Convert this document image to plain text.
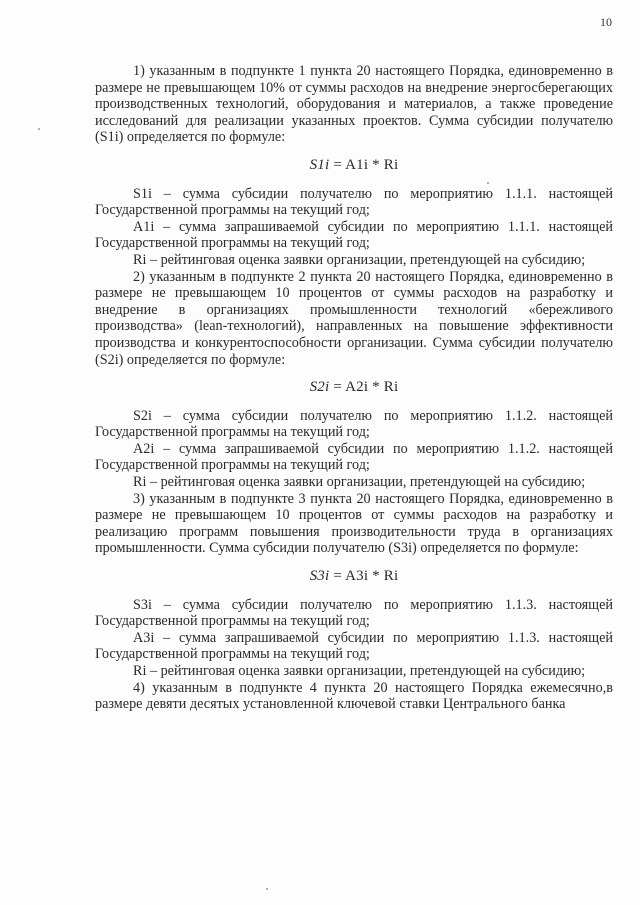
10

1) указанным в подпункте 1 пункта 20 настоящего Порядка, единовременно в размере не превышающем 10% от суммы расходов на внедрение энергосберегающих производственных технологий, оборудования и материалов, а также проведение исследований для реализации указанных проектов. Сумма субсидии получателю (S1i) определяется по формуле:

S1i = A1i * Ri

S1i – сумма субсидии получателю по мероприятию 1.1.1. настоящей Государственной программы на текущий год;

A1i – сумма запрашиваемой субсидии по мероприятию 1.1.1. настоящей Государственной программы на текущий год;

Ri – рейтинговая оценка заявки организации, претендующей на субсидию;

2) указанным в подпункте 2 пункта 20 настоящего Порядка, единовременно в размере не превышающем 10 процентов от суммы расходов на разработку и внедрение в организациях промышленности технологий «бережливого производства» (lean-технологий), направленных на повышение эффективности производства и конкурентоспособности организации. Сумма субсидии получателю (S2i) определяется по формуле:

S2i = A2i * Ri

S2i – сумма субсидии получателю по мероприятию 1.1.2. настоящей Государственной программы на текущий год;

A2i – сумма запрашиваемой субсидии по мероприятию 1.1.2. настоящей Государственной программы на текущий год;

Ri – рейтинговая оценка заявки организации, претендующей на субсидию;

3) указанным в подпункте 3 пункта 20 настоящего Порядка, единовременно в размере не превышающем 10 процентов от суммы расходов на разработку и реализацию программ повышения производительности труда в организациях промышленности. Сумма субсидии получателю (S3i) определяется по формуле:

S3i = A3i * Ri

S3i – сумма субсидии получателю по мероприятию 1.1.3. настоящей Государственной программы на текущий год;

A3i – сумма запрашиваемой субсидии по мероприятию 1.1.3. настоящей Государственной программы на текущий год;

Ri – рейтинговая оценка заявки организации, претендующей на субсидию;

4) указанным в подпункте 4 пункта 20 настоящего Порядка ежемесячно,в размере девяти десятых установленной ключевой ставки Центрального банка
